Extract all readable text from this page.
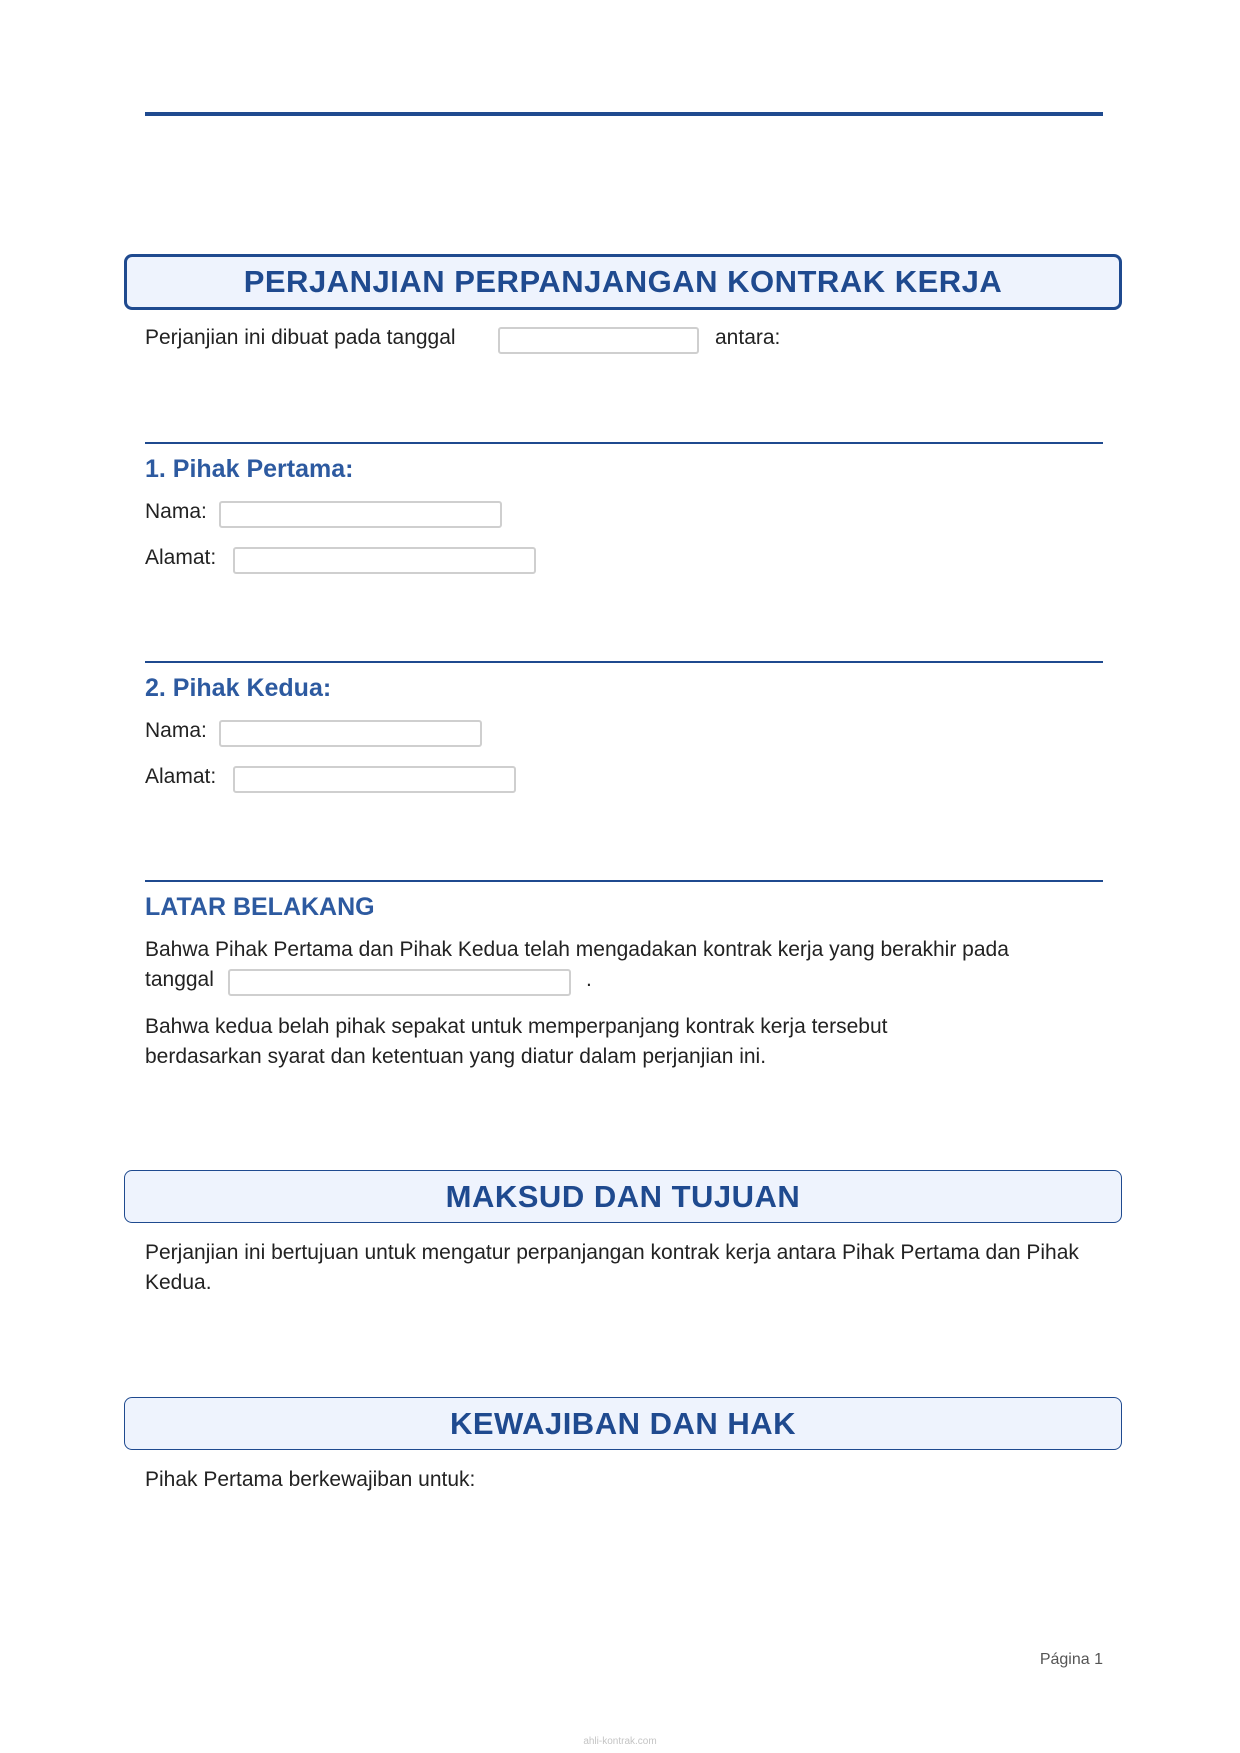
PERJANJIAN PERPANJANGAN KONTRAK KERJA
Perjanjian ini dibuat pada tanggal	antara:
1. Pihak Pertama:
Nama:
Alamat:
2. Pihak Kedua:
Nama:
Alamat:
LATAR BELAKANG
Bahwa Pihak Pertama dan Pihak Kedua telah mengadakan kontrak kerja yang berakhir pada
tanggal	.
Bahwa kedua belah pihak sepakat untuk memperpanjang kontrak kerja tersebut berdasarkan syarat dan ketentuan yang diatur dalam perjanjian ini.
MAKSUD DAN TUJUAN
Perjanjian ini bertujuan untuk mengatur perpanjangan kontrak kerja antara Pihak Pertama dan Pihak Kedua.
KEWAJIBAN DAN HAK
Pihak Pertama berkewajiban untuk:
Página 1
ahli-kontrak.com
